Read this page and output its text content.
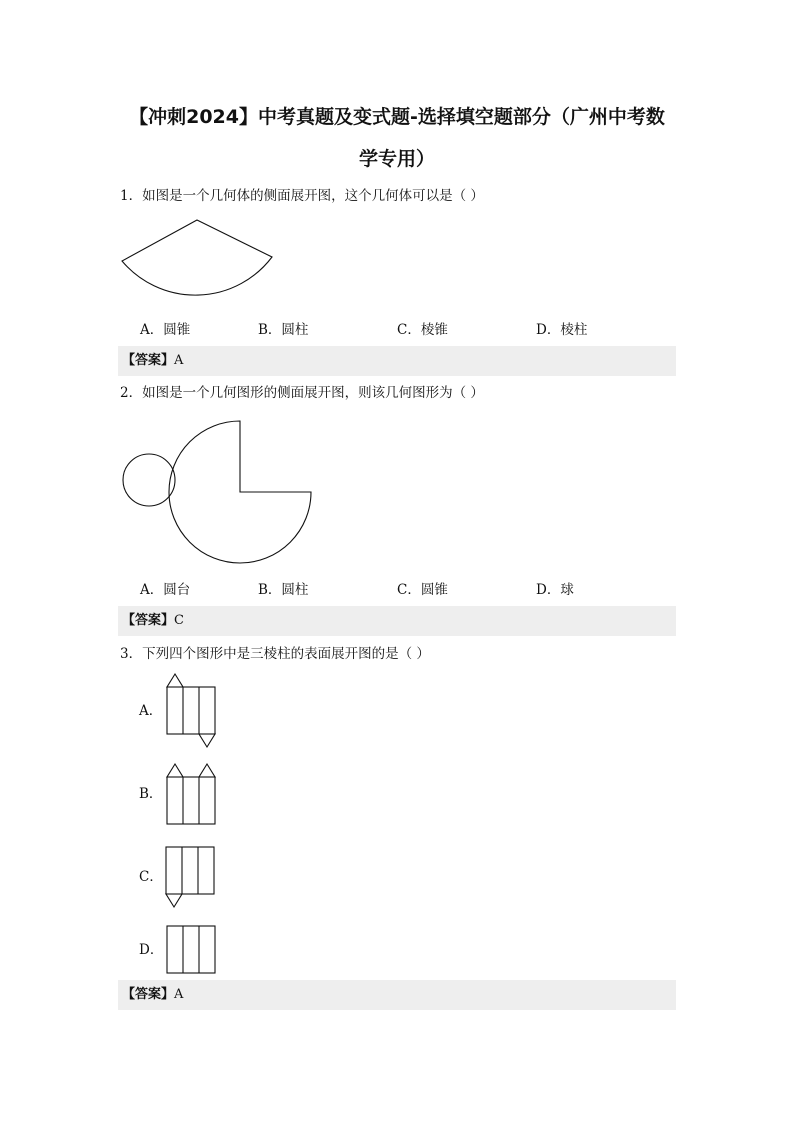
【冲刺2024】中考真题及变式题-选择填空题部分（广州中考数
学专用）
1．如图是一个几何体的侧面展开图，这个几何体可以是（ ）
A．圆锥	B．圆柱	C．棱锥	D．棱柱
【答案】A
2．如图是一个几何图形的侧面展开图，则该几何图形为（ ）
A．圆台	B．圆柱	C．圆锥	D．球
【答案】C
3．下列四个图形中是三棱柱的表面展开图的是（ ）
A．
B．
C．
D．
【答案】A
